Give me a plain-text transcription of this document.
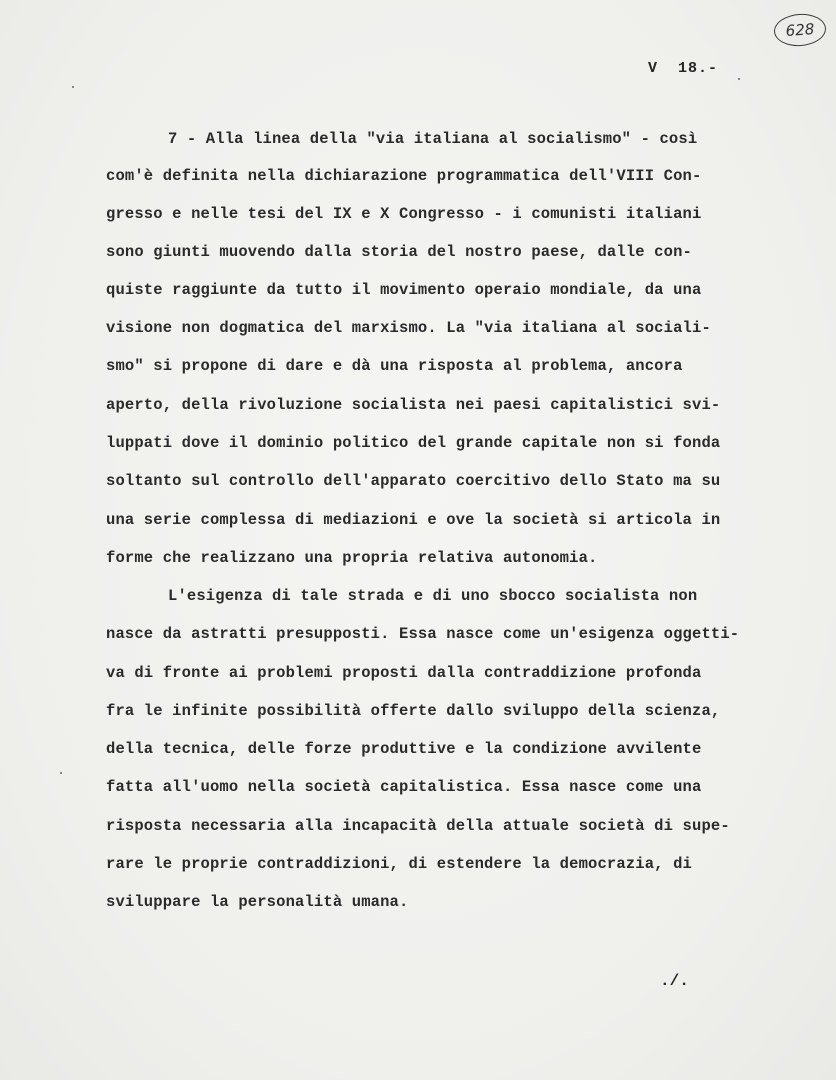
628
V  18.-
7 - Alla linea della "via italiana al socialismo" - così
com'è definita nella dichiarazione programmatica dell'VIII Con-
gresso e nelle tesi del IX e X Congresso - i comunisti italiani
sono giunti muovendo dalla storia del nostro paese, dalle con-
quiste raggiunte da tutto il movimento operaio mondiale, da una
visione non dogmatica del marxismo. La "via italiana al sociali-
smo" si propone di dare e dà una risposta al problema, ancora
aperto, della rivoluzione socialista nei paesi capitalistici svi-
luppati dove il dominio politico del grande capitale non si fonda
soltanto sul controllo dell'apparato coercitivo dello Stato ma su
una serie complessa di mediazioni e ove la società si articola in
forme che realizzano una propria relativa autonomia.
L'esigenza di tale strada e di uno sbocco socialista non
nasce da astratti presupposti. Essa nasce come un'esigenza oggetti-
va di fronte ai problemi proposti dalla contraddizione profonda
fra le infinite possibilità offerte dallo sviluppo della scienza,
della tecnica, delle forze produttive e la condizione avvilente
fatta all'uomo nella società capitalistica. Essa nasce come una
risposta necessaria alla incapacità della attuale società di supe-
rare le proprie contraddizioni, di estendere la democrazia, di
sviluppare la personalità umana.
./.
